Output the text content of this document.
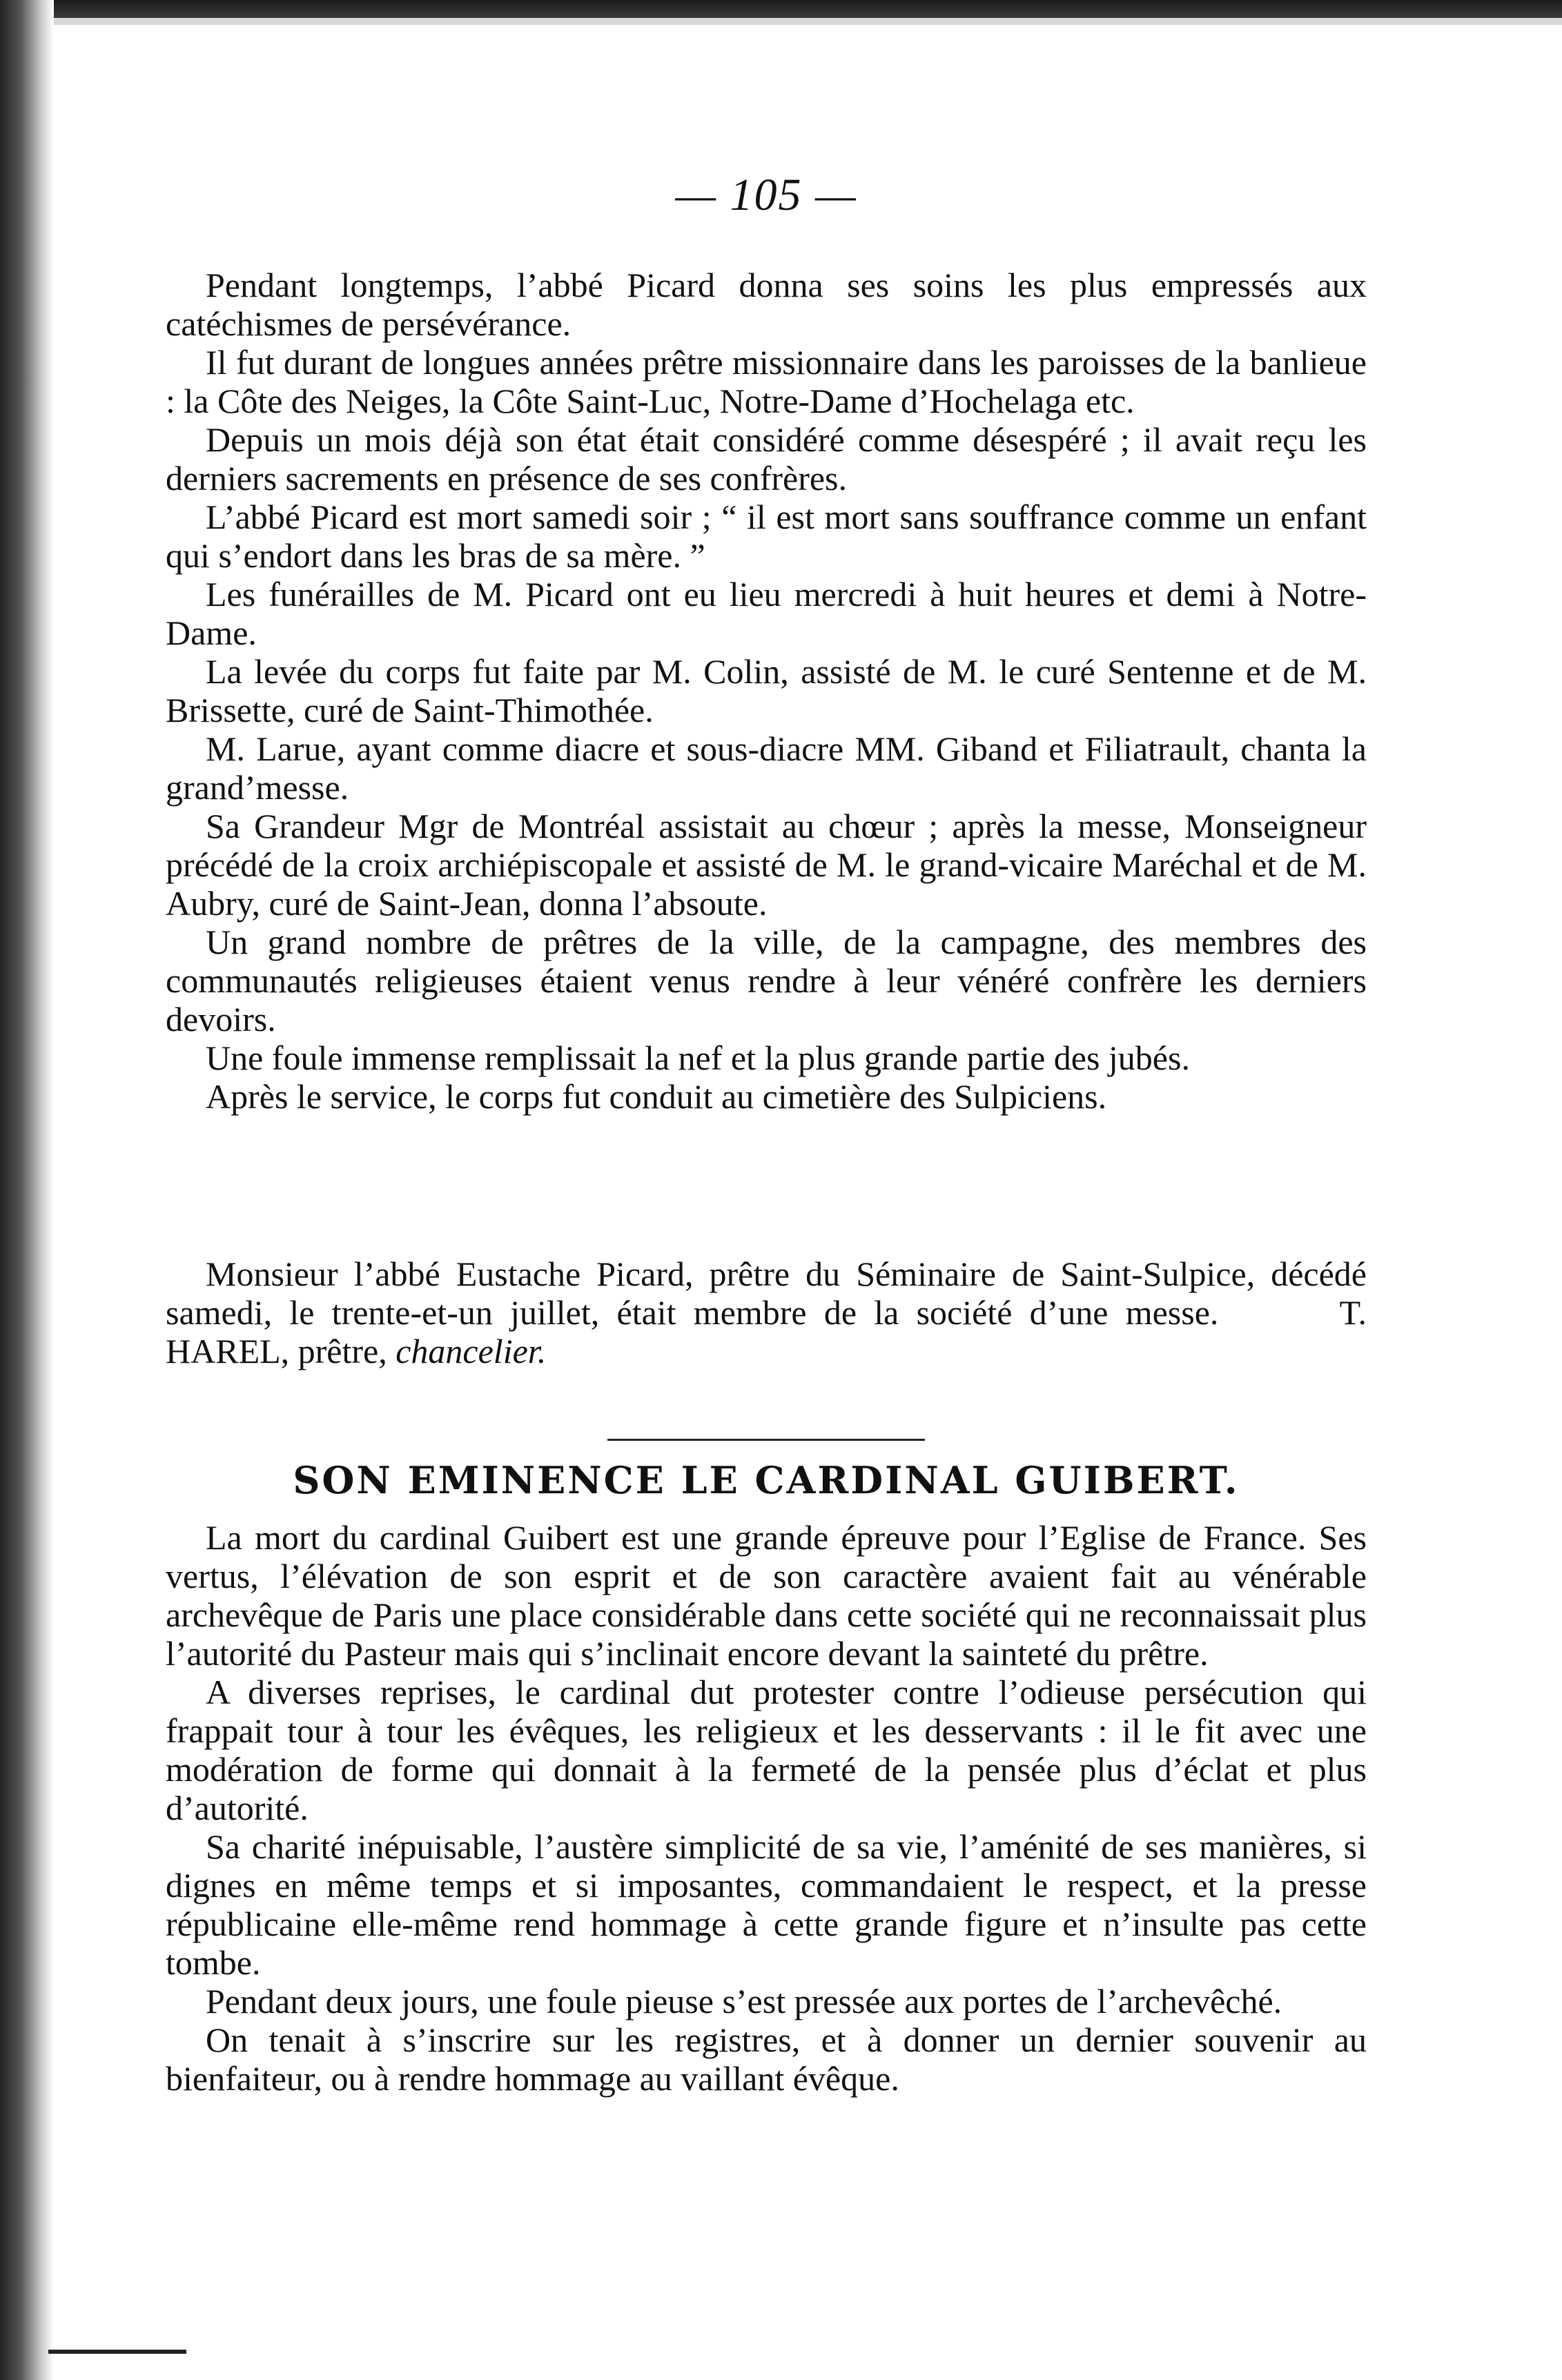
— 105 —

Pendant longtemps, l’abbé Picard donna ses soins les plus empressés aux catéchismes de persévérance.

Il fut durant de longues années prêtre missionnaire dans les paroisses de la banlieue : la Côte des Neiges, la Côte Saint-Luc, Notre-Dame d’Hochelaga etc.

Depuis un mois déjà son état était considéré comme désespéré ; il avait reçu les derniers sacrements en présence de ses confrères.

L’abbé Picard est mort samedi soir ; “ il est mort sans souffrance comme un enfant qui s’endort dans les bras de sa mère. ”

Les funérailles de M. Picard ont eu lieu mercredi à huit heures et demi à Notre-Dame.

La levée du corps fut faite par M. Colin, assisté de M. le curé Sentenne et de M. Brissette, curé de Saint-Thimothée.

M. Larue, ayant comme diacre et sous-diacre MM. Giband et Filiatrault, chanta la grand’messe.

Sa Grandeur Mgr de Montréal assistait au chœur ; après la messe, Monseigneur précédé de la croix archiépiscopale et assisté de M. le grand-vicaire Maréchal et de M. Aubry, curé de Saint-Jean, donna l’absoute.

Un grand nombre de prêtres de la ville, de la campagne, des membres des communautés religieuses étaient venus rendre à leur vénéré confrère les derniers devoirs.

Une foule immense remplissait la nef et la plus grande partie des jubés.

Après le service, le corps fut conduit au cimetière des Sulpiciens.

Monsieur l’abbé Eustache Picard, prêtre du Séminaire de Saint-Sulpice, décédé samedi, le trente-et-un juillet, était membre de la société d’une messe.	T. HAREL, prêtre, chancelier.

SON EMINENCE LE CARDINAL GUIBERT.

La mort du cardinal Guibert est une grande épreuve pour l’Eglise de France. Ses vertus, l’élévation de son esprit et de son caractère avaient fait au vénérable archevêque de Paris une place considérable dans cette société qui ne reconnaissait plus l’autorité du Pasteur mais qui s’inclinait encore devant la sainteté du prêtre.

A diverses reprises, le cardinal dut protester contre l’odieuse persécution qui frappait tour à tour les évêques, les religieux et les desservants : il le fit avec une modération de forme qui donnait à la fermeté de la pensée plus d’éclat et plus d’autorité.

Sa charité inépuisable, l’austère simplicité de sa vie, l’aménité de ses manières, si dignes en même temps et si imposantes, commandaient le respect, et la presse républicaine elle-même rend hommage à cette grande figure et n’insulte pas cette tombe.

Pendant deux jours, une foule pieuse s’est pressée aux portes de l’archevêché.

On tenait à s’inscrire sur les registres, et à donner un dernier souvenir au bienfaiteur, ou à rendre hommage au vaillant évêque.
